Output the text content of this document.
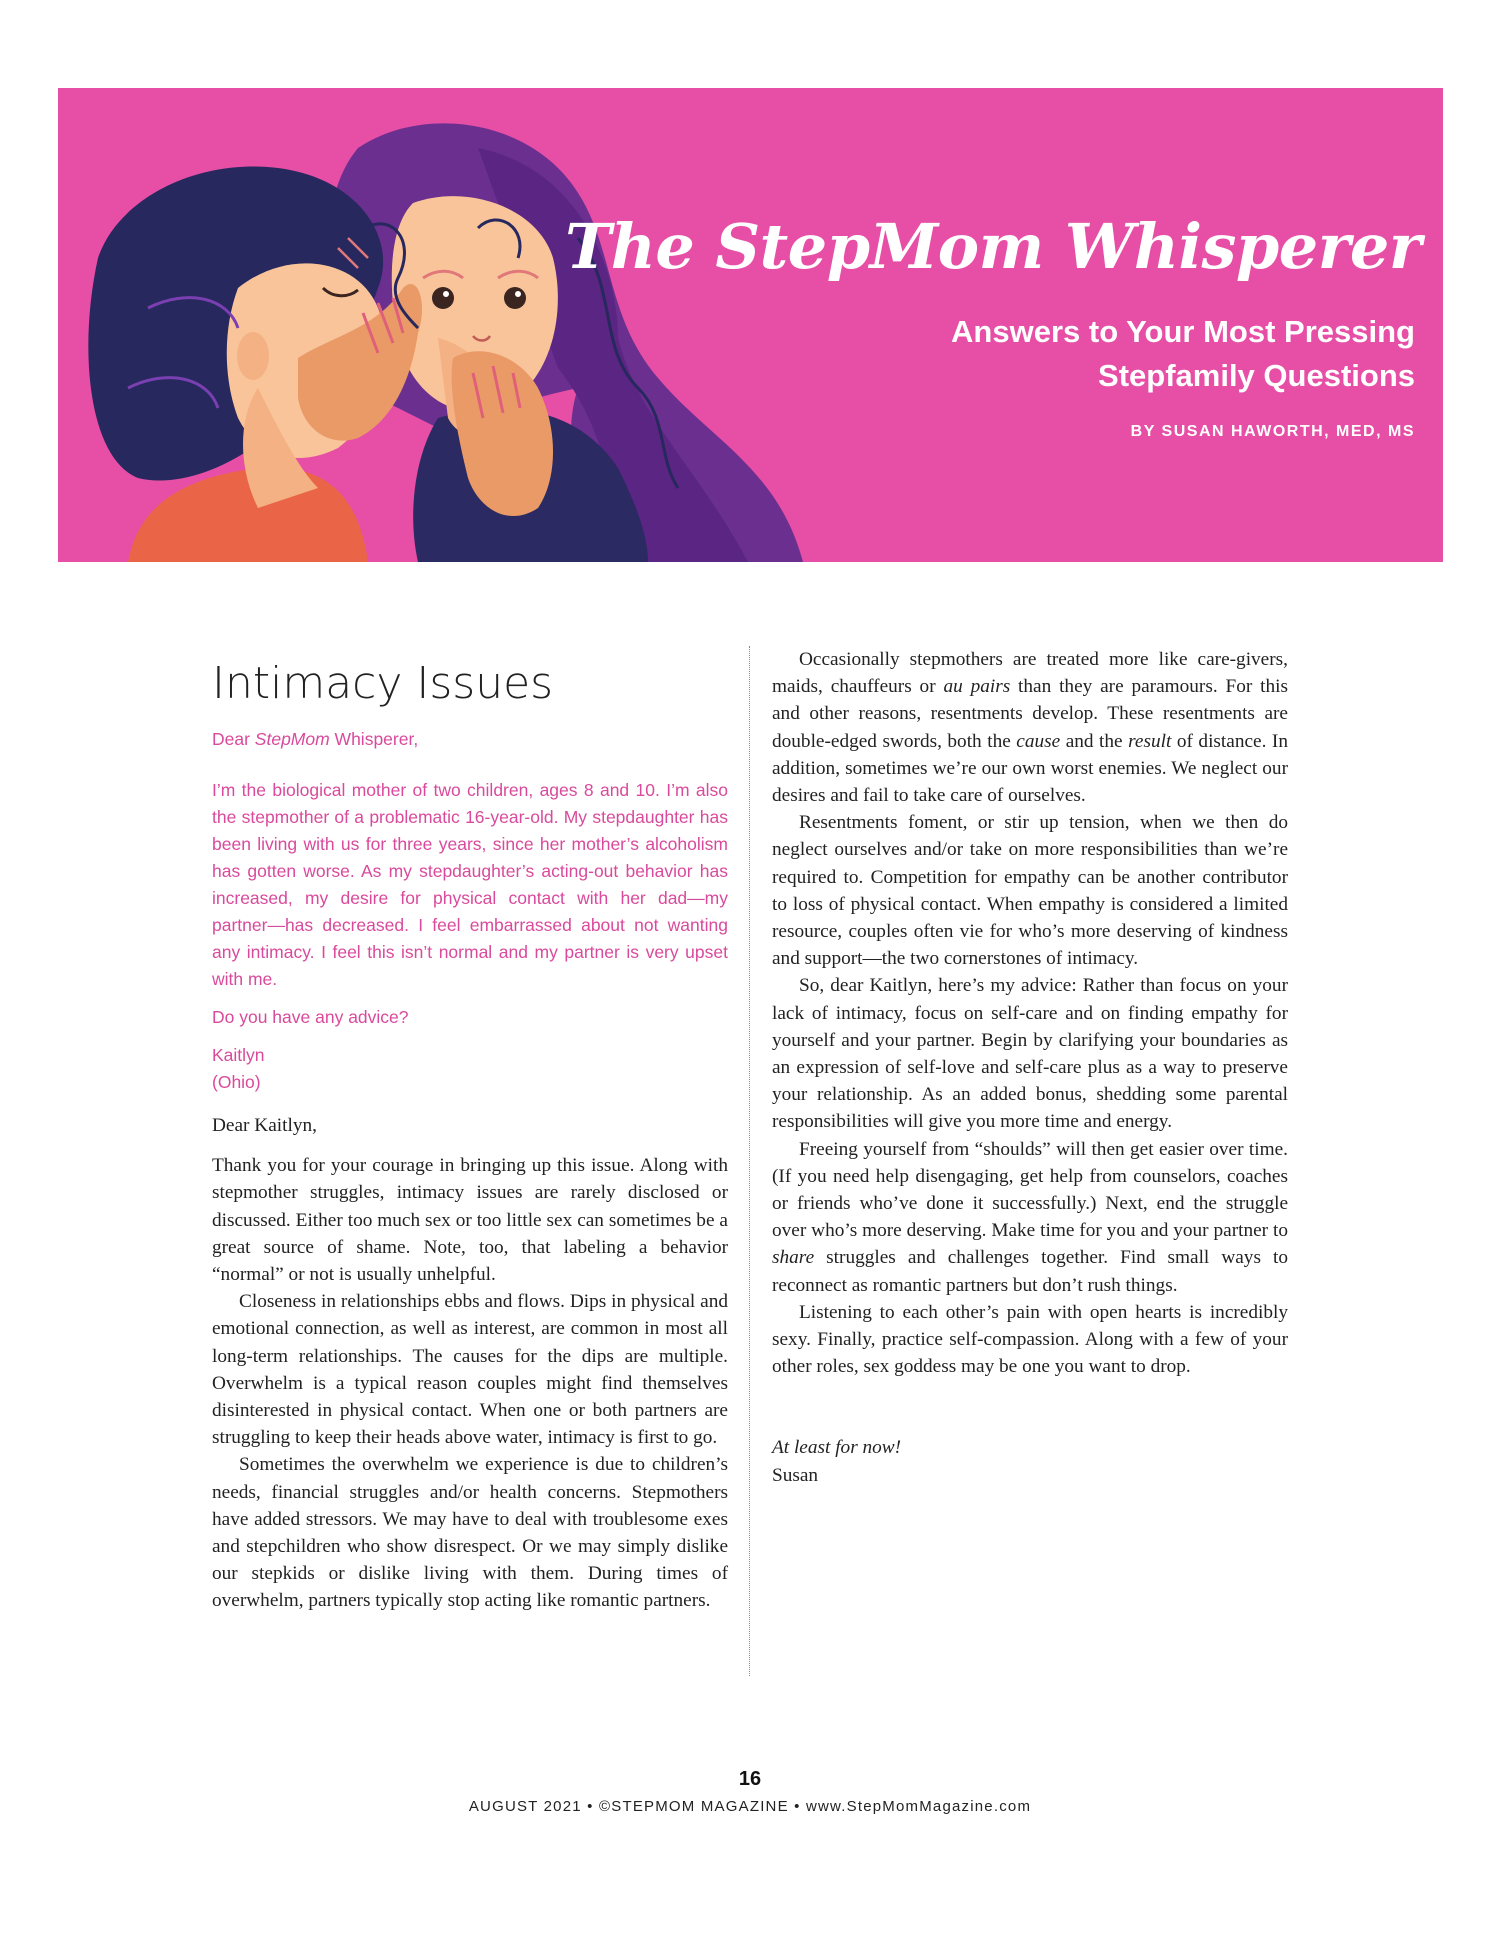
The StepMom Whisperer
Answers to Your Most Pressing
Stepfamily Questions
BY SUSAN HAWORTH, MED, MS
Intimacy Issues

Dear StepMom Whisperer,

I’m the biological mother of two children, ages 8 and 10. I’m also the stepmother of a problematic 16-year-old. My stepdaughter has been living with us for three years, since her mother’s alcoholism has gotten worse. As my stepdaughter’s acting-out behavior has increased, my desire for physical contact with her dad—my partner—has decreased. I feel embarrassed about not wanting any intimacy. I feel this isn’t normal and my partner is very upset with me.

Do you have any advice?

Kaitlyn
(Ohio)

Dear Kaitlyn,

Thank you for your courage in bringing up this issue. Along with stepmother struggles, intimacy issues are rarely disclosed or discussed. Either too much sex or too little sex can sometimes be a great source of shame. Note, too, that labeling a behavior “normal” or not is usually unhelpful.

Closeness in relationships ebbs and flows. Dips in physical and emotional connection, as well as interest, are common in most all long-term relationships. The causes for the dips are multiple. Overwhelm is a typical reason couples might find themselves disinterested in physical contact. When one or both partners are struggling to keep their heads above water, intimacy is first to go.

Sometimes the overwhelm we experience is due to children’s needs, financial struggles and/or health concerns. Stepmothers have added stressors. We may have to deal with troublesome exes and stepchildren who show disrespect. Or we may simply dislike our stepkids or dislike living with them. During times of overwhelm, partners typically stop acting like romantic partners.

Occasionally stepmothers are treated more like care-givers, maids, chauffeurs or au pairs than they are paramours. For this and other reasons, resentments develop. These resentments are double-edged swords, both the cause and the result of distance. In addition, sometimes we’re our own worst enemies. We neglect our desires and fail to take care of ourselves.

Resentments foment, or stir up tension, when we then do neglect ourselves and/or take on more responsibilities than we’re required to. Competition for empathy can be another contributor to loss of physical contact. When empathy is considered a limited resource, couples often vie for who’s more deserving of kindness and support—the two cornerstones of intimacy.

So, dear Kaitlyn, here’s my advice: Rather than focus on your lack of intimacy, focus on self-care and on finding empathy for yourself and your partner. Begin by clarifying your boundaries as an expression of self-love and self-care plus as a way to preserve your relationship. As an added bonus, shedding some parental responsibilities will give you more time and energy.

Freeing yourself from “shoulds” will then get easier over time. (If you need help disengaging, get help from counselors, coaches or friends who’ve done it successfully.) Next, end the struggle over who’s more deserving. Make time for you and your partner to share struggles and challenges together. Find small ways to reconnect as romantic partners but don’t rush things.

Listening to each other’s pain with open hearts is incredibly sexy. Finally, practice self-compassion. Along with a few of your other roles, sex goddess may be one you want to drop.

At least for now!

Susan

16
AUGUST 2021 • ©STEPMOM MAGAZINE • www.StepMomMagazine.com
